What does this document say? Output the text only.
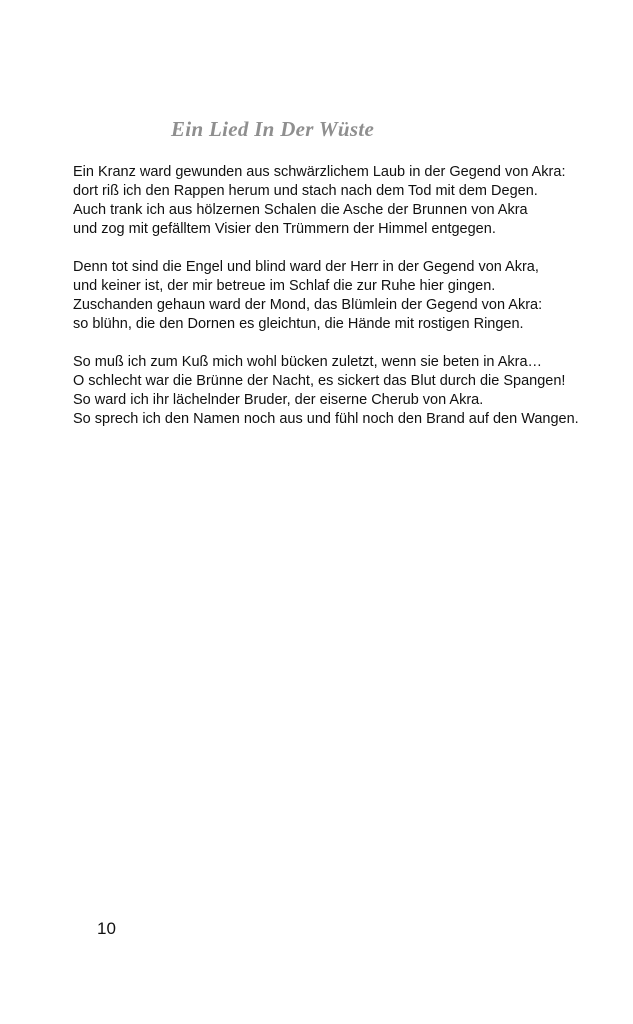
Ein Lied In Der Wüste

Ein Kranz ward gewunden aus schwärzlichem Laub in der Gegend von Akra:
dort riß ich den Rappen herum und stach nach dem Tod mit dem Degen.
Auch trank ich aus hölzernen Schalen die Asche der Brunnen von Akra
und zog mit gefälltem Visier den Trümmern der Himmel entgegen.

Denn tot sind die Engel und blind ward der Herr in der Gegend von Akra,
und keiner ist, der mir betreue im Schlaf die zur Ruhe hier gingen.
Zuschanden gehaun ward der Mond, das Blümlein der Gegend von Akra:
so blühn, die den Dornen es gleichtun, die Hände mit rostigen Ringen.

So muß ich zum Kuß mich wohl bücken zuletzt, wenn sie beten in Akra…
O schlecht war die Brünne der Nacht, es sickert das Blut durch die Spangen!
So ward ich ihr lächelnder Bruder, der eiserne Cherub von Akra.
So sprech ich den Namen noch aus und fühl noch den Brand auf den Wangen.

10
